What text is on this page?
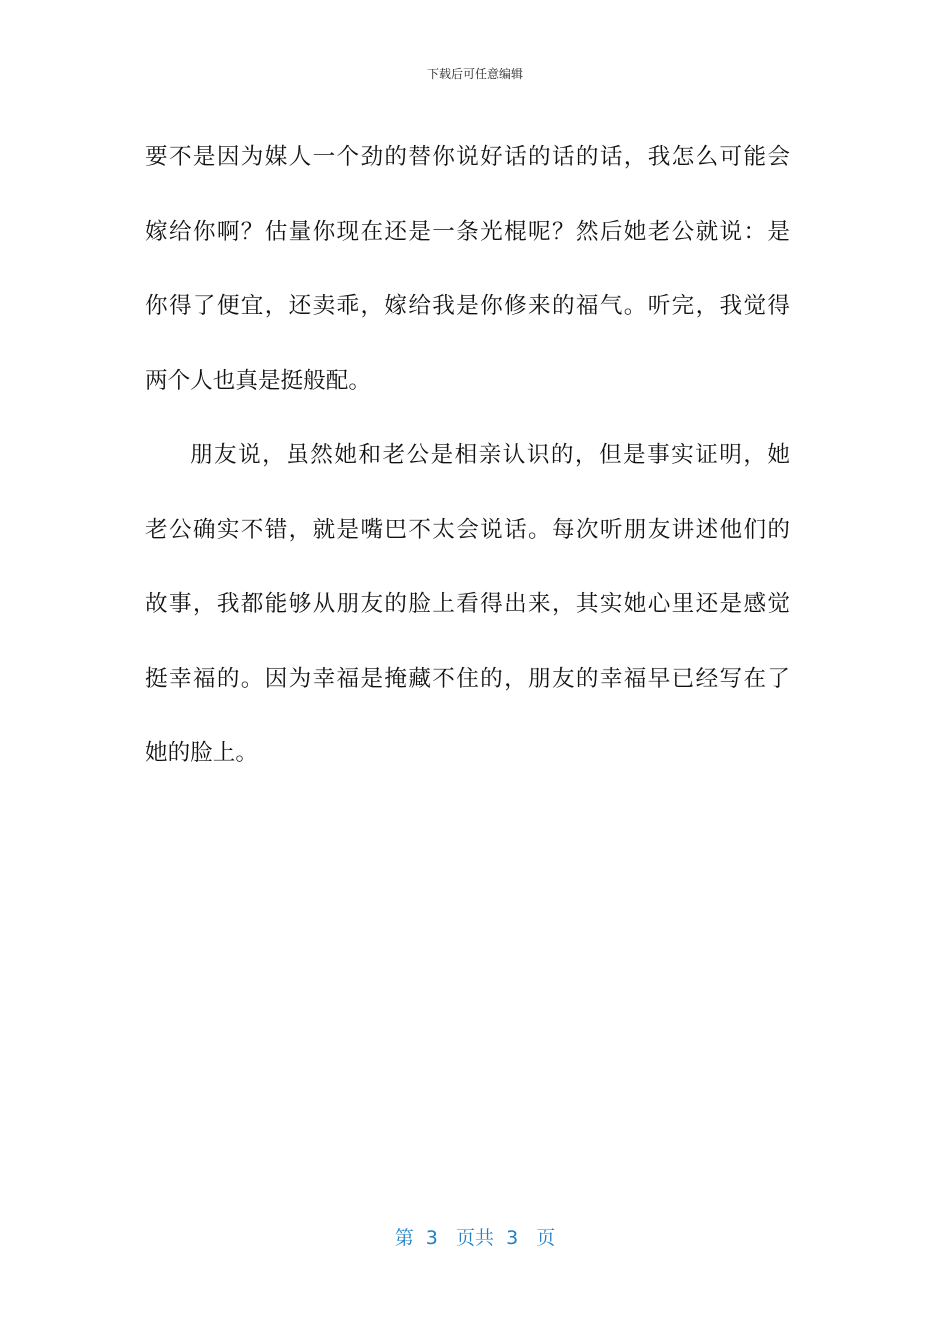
下载后可任意编辑

要不是因为媒人一个劲的替你说好话的话的话，我怎么可能会
嫁给你啊？估量你现在还是一条光棍呢？然后她老公就说：是
你得了便宜，还卖乖，嫁给我是你修来的福气。听完，我觉得
两个人也真是挺般配。

朋友说，虽然她和老公是相亲认识的，但是事实证明，她
老公确实不错，就是嘴巴不太会说话。每次听朋友讲述他们的
故事，我都能够从朋友的脸上看得出来，其实她心里还是感觉
挺幸福的。因为幸福是掩藏不住的，朋友的幸福早已经写在了
她的脸上。

第  3   页共  3   页
